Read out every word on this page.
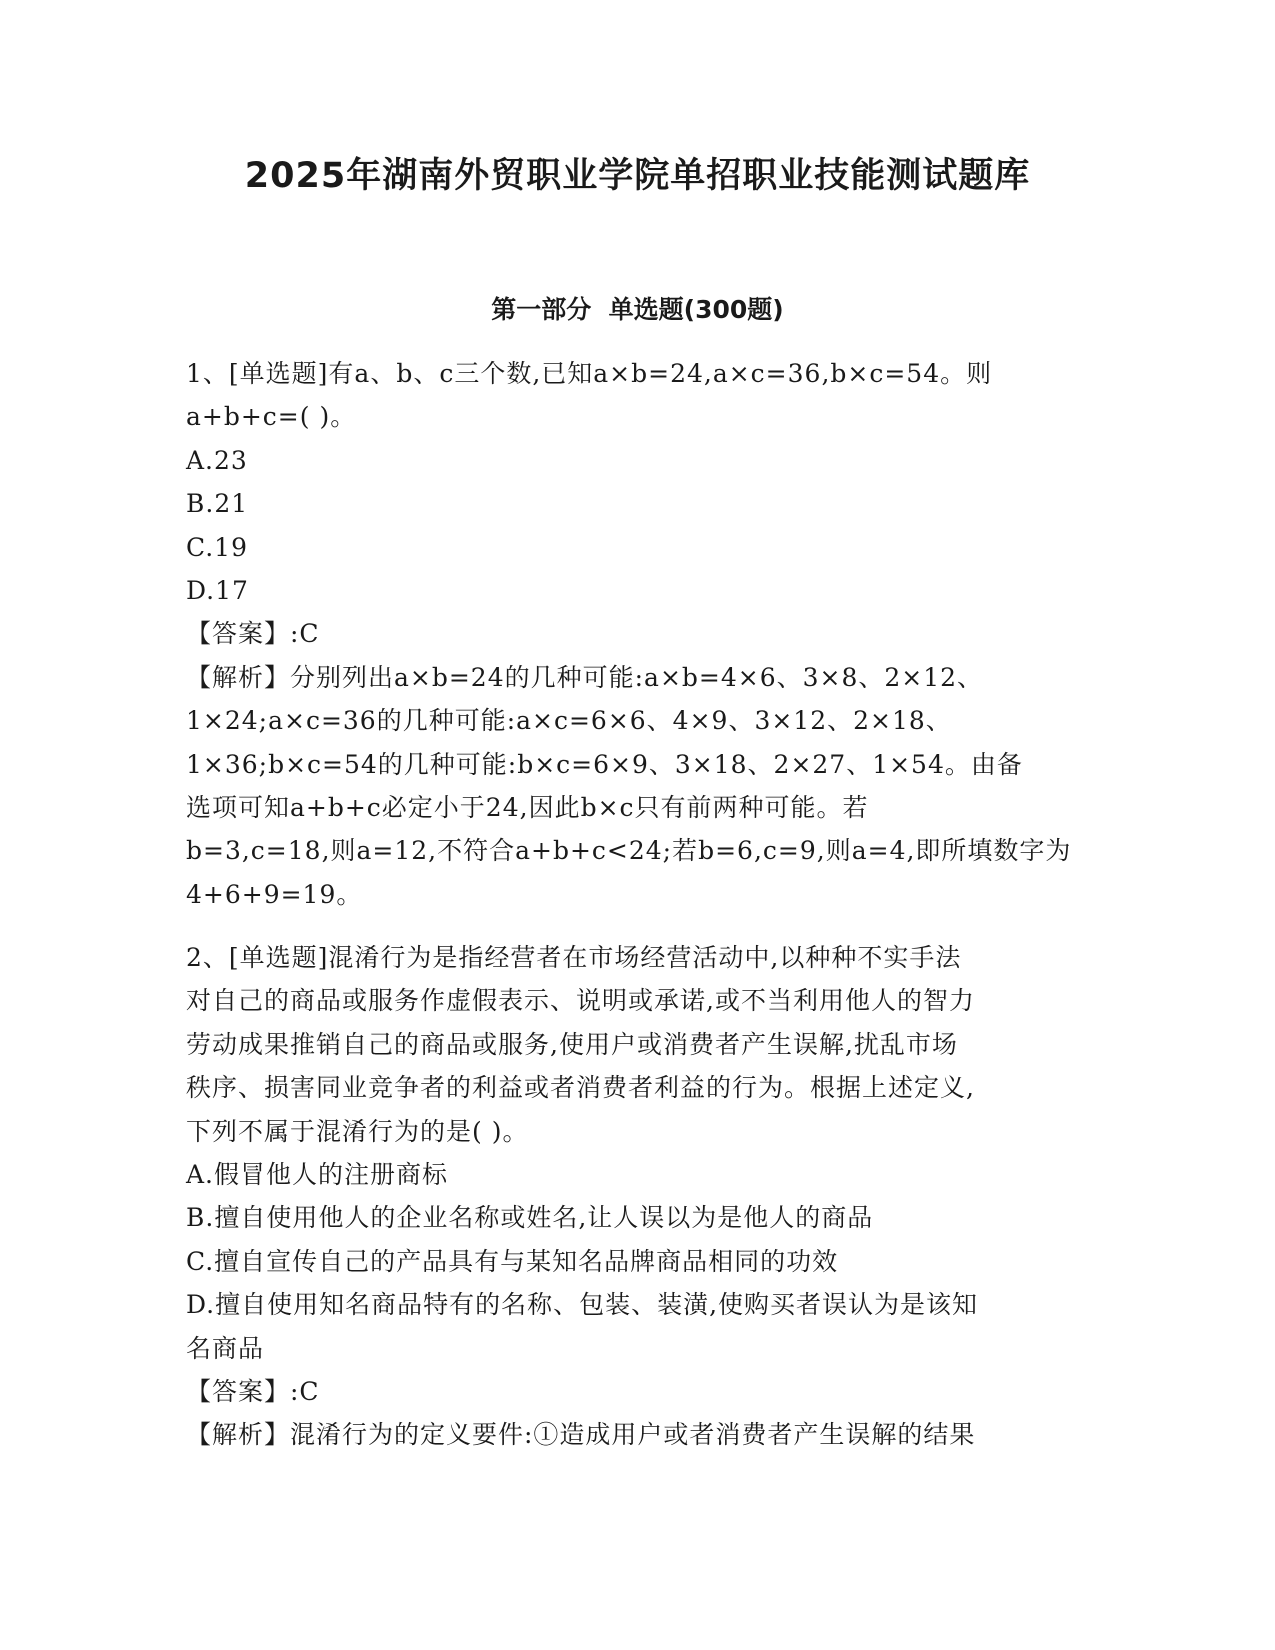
2025年湖南外贸职业学院单招职业技能测试题库
第一部分  单选题(300题)

1、[单选题]有a、b、c三个数,已知a×b=24,a×c=36,b×c=54。则

a+b+c=( )。

A.23

B.21

C.19

D.17

【答案】:C

【解析】分别列出a×b=24的几种可能:a×b=4×6、3×8、2×12、

1×24;a×c=36的几种可能:a×c=6×6、4×9、3×12、2×18、

1×36;b×c=54的几种可能:b×c=6×9、3×18、2×27、1×54。由备

选项可知a+b+c必定小于24,因此b×c只有前两种可能。若

b=3,c=18,则a=12,不符合a+b+c<24;若b=6,c=9,则a=4,即所填数字为

4+6+9=19。

2、[单选题]混淆行为是指经营者在市场经营活动中,以种种不实手法

对自己的商品或服务作虚假表示、说明或承诺,或不当利用他人的智力

劳动成果推销自己的商品或服务,使用户或消费者产生误解,扰乱市场

秩序、损害同业竞争者的利益或者消费者利益的行为。根据上述定义,

下列不属于混淆行为的是( )。

A.假冒他人的注册商标

B.擅自使用他人的企业名称或姓名,让人误以为是他人的商品

C.擅自宣传自己的产品具有与某知名品牌商品相同的功效

D.擅自使用知名商品特有的名称、包装、装潢,使购买者误认为是该知

名商品

【答案】:C

【解析】混淆行为的定义要件:①造成用户或者消费者产生误解的结果
